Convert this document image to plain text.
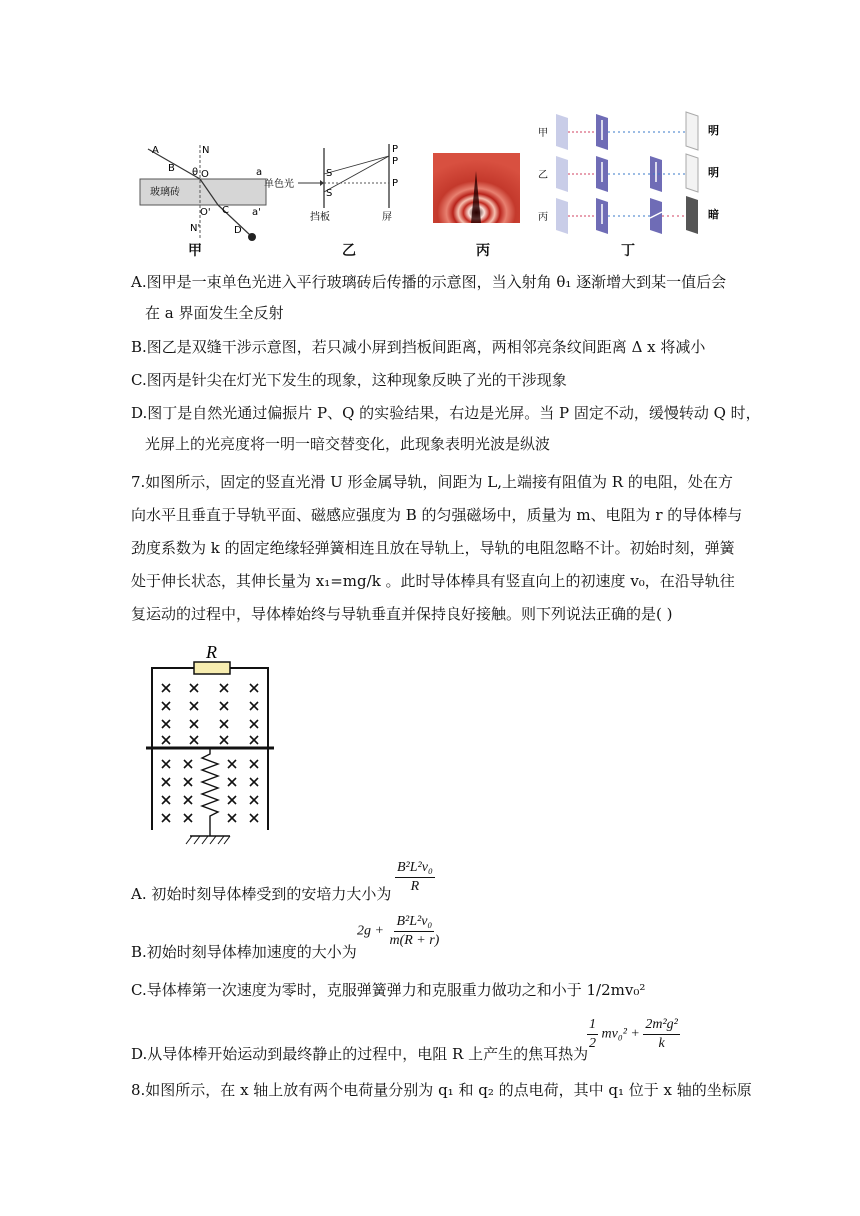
A
B
N
θ O
玻璃砖
a
O' C
N'
a'
D
甲
单色光
S
S
P
P
P
挡板	屏
乙	丙
甲	明
乙	明
丙	暗
丁
A.图甲是一束单色光进入平行玻璃砖后传播的示意图，当入射角 θ₁ 逐渐增大到某一值后会
在 a 界面发生全反射
B.图乙是双缝干涉示意图，若只减小屏到挡板间距离，两相邻亮条纹间距离 Δ x 将减小
C.图丙是针尖在灯光下发生的现象，这种现象反映了光的干涉现象
D.图丁是自然光通过偏振片 P、Q 的实验结果，右边是光屏。当 P 固定不动，缓慢转动 Q 时，
光屏上的光亮度将一明一暗交替变化，此现象表明光波是纵波
7.如图所示，固定的竖直光滑 U 形金属导轨，间距为 L,上端接有阻值为 R 的电阻，处在方
向水平且垂直于导轨平面、磁感应强度为 B 的匀强磁场中，质量为 m、电阻为 r 的导体棒与
劲度系数为 k 的固定绝缘轻弹簧相连且放在导轨上，导轨的电阻忽略不计。初始时刻，弹簧
处于伸长状态，其伸长量为 x₁=mg/k 。此时导体棒具有竖直向上的初速度 v₀，在沿导轨往
复运动的过程中，导体棒始终与导轨垂直并保持良好接触。则下列说法正确的是( )
R
A. 初始时刻导体棒受到的安培力大小为 $\frac{\text{B²L²v₀}}{R}$
B.初始时刻导体棒加速度的大小为
$2g + \frac{\text{B²L²v₀}}{m(R + r)}$
C.导体棒第一次速度为零时，克服弹簧弹力和克服重力做功之和小于 1/2mv₀²
D.从导体棒开始运动到最终静止的过程中，电阻 R 上产生的焦耳热为
$\frac{1}{2} mv_0^2 + \frac{\text{2m²g²}}{k}$
8.如图所示，在 x 轴上放有两个电荷量分别为 q₁ 和 q₂ 的点电荷，其中 q₁ 位于 x 轴的坐标原
